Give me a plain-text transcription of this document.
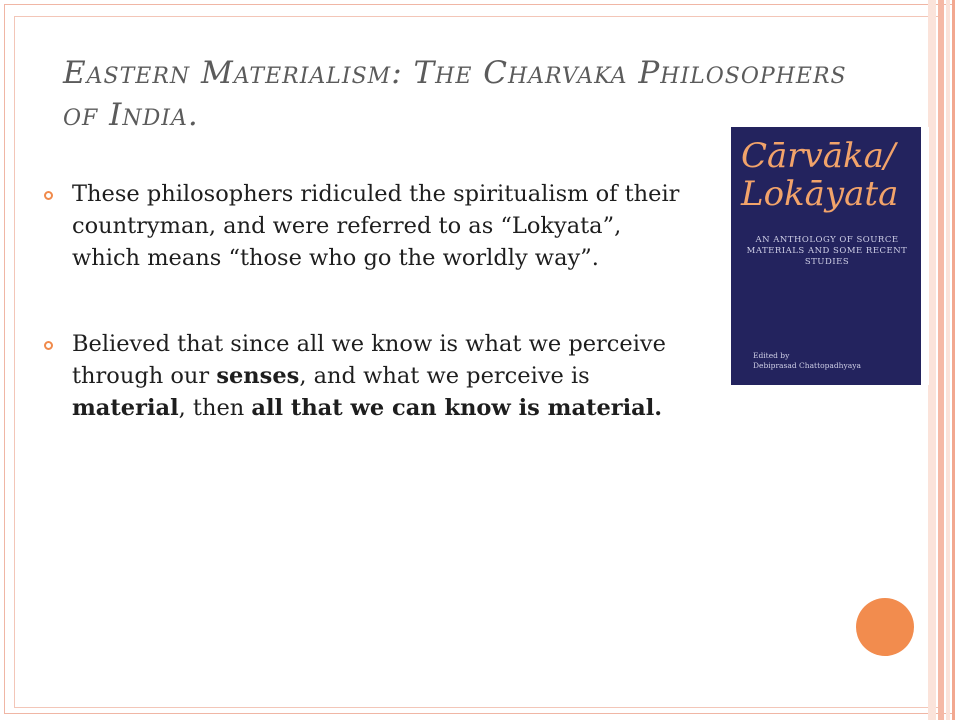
Eastern Materialism: The Charvaka Philosophers of India.
These philosophers ridiculed the spiritualism of their countryman, and were referred to as “Lokyata”, which means “those who go the worldly way”.
Believed that since all we know is what we perceive through our senses, and what we perceive is material, then all that we can know is material.
Cārvāka/
Lokāyata
AN ANTHOLOGY OF SOURCE MATERIALS AND SOME RECENT STUDIES
Edited by
Debiprasad Chattopadhyaya
